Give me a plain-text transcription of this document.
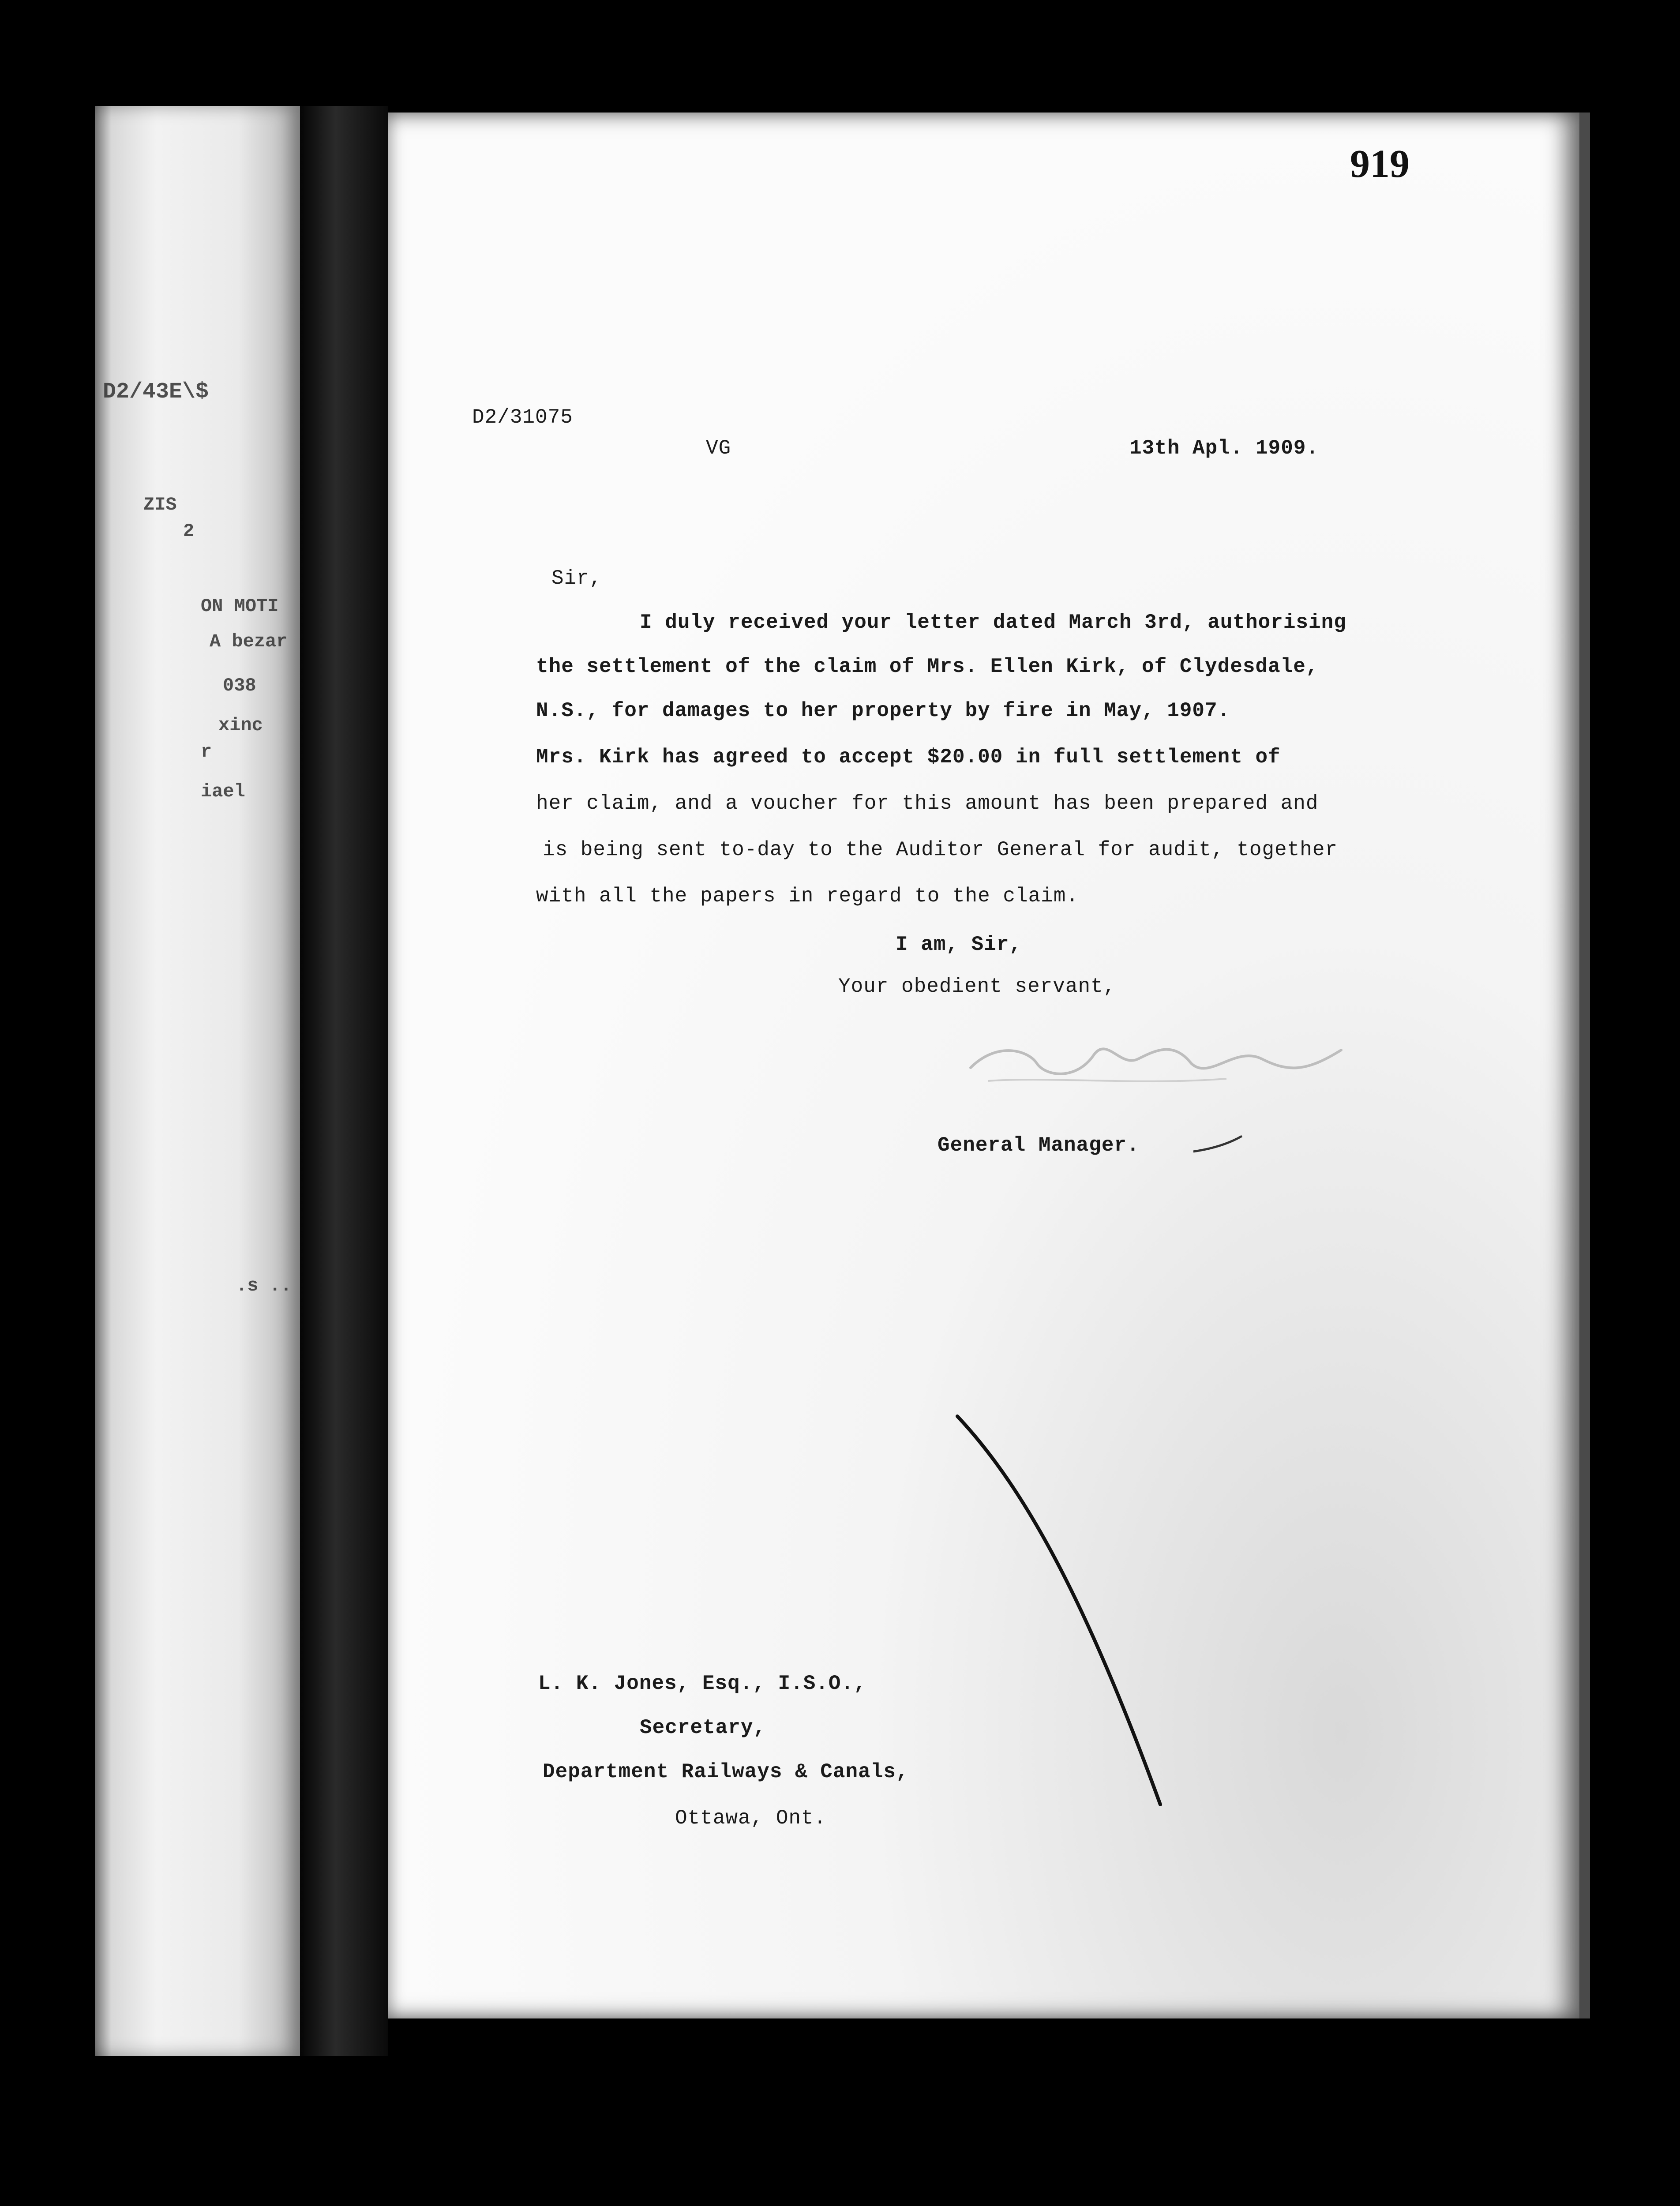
D2/43E\$
ZIS
2
ON MOTI
A bezar
038
xinc
r
iael
.s ..
919
D2/31075
VG	13th Apl. 1909.
Sir,
I duly received your letter dated March 3rd, authorising
the settlement of the claim of Mrs. Ellen Kirk, of Clydesdale,
N.S., for damages to her property by fire in May, 1907.
Mrs. Kirk has agreed to accept $20.00 in full settlement of
her claim, and a voucher for this amount has been prepared and
is being sent to-day to the Auditor General for audit, together
with all the papers in regard to the claim.
I am, Sir,
Your obedient servant,
General Manager.
L. K. Jones, Esq., I.S.O.,
Secretary,
Department Railways & Canals,
Ottawa, Ont.
